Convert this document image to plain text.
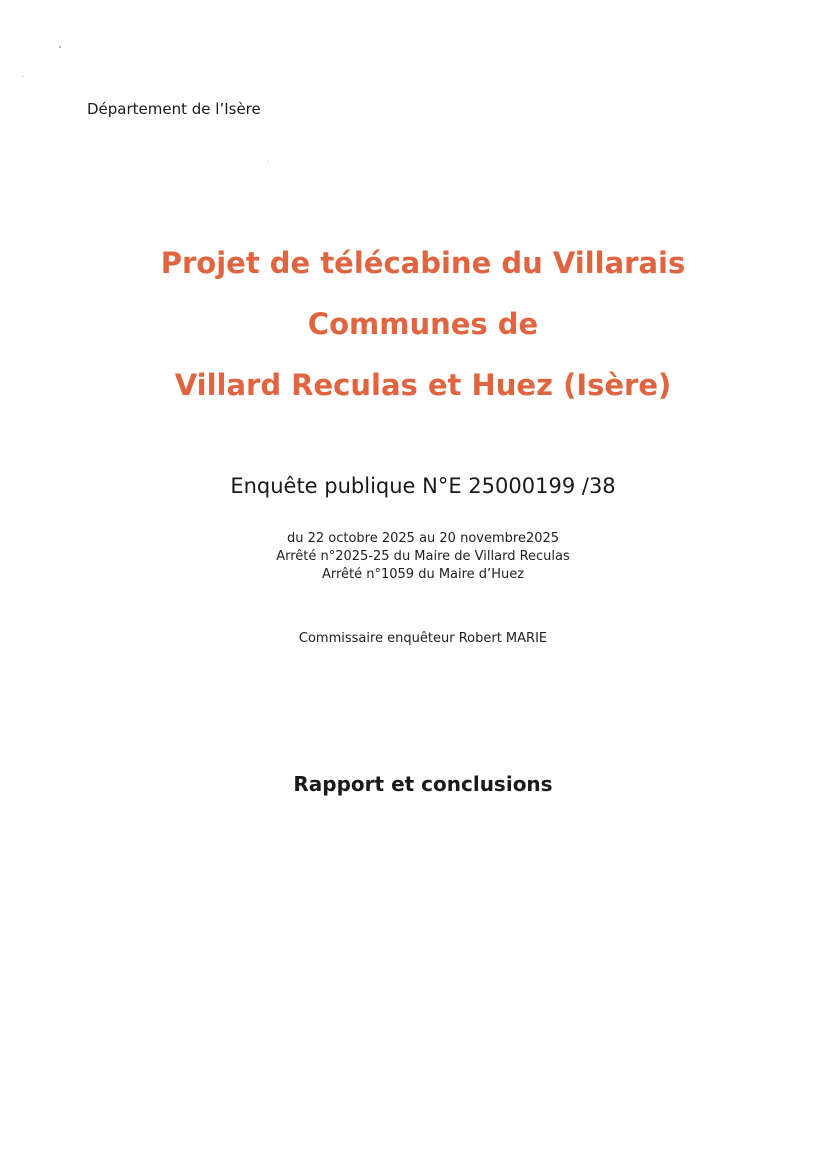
Département de l’Isère

Projet de télécabine du Villarais

Communes de

Villard Reculas et Huez (Isère)

Enquête publique N°E 25000199 /38
du 22 octobre 2025 au 20 novembre2025
Arrêté n°2025-25 du Maire de Villard Reculas
Arrêté n°1059 du Maire d’Huez
Commissaire enquêteur Robert MARIE
Rapport et conclusions
